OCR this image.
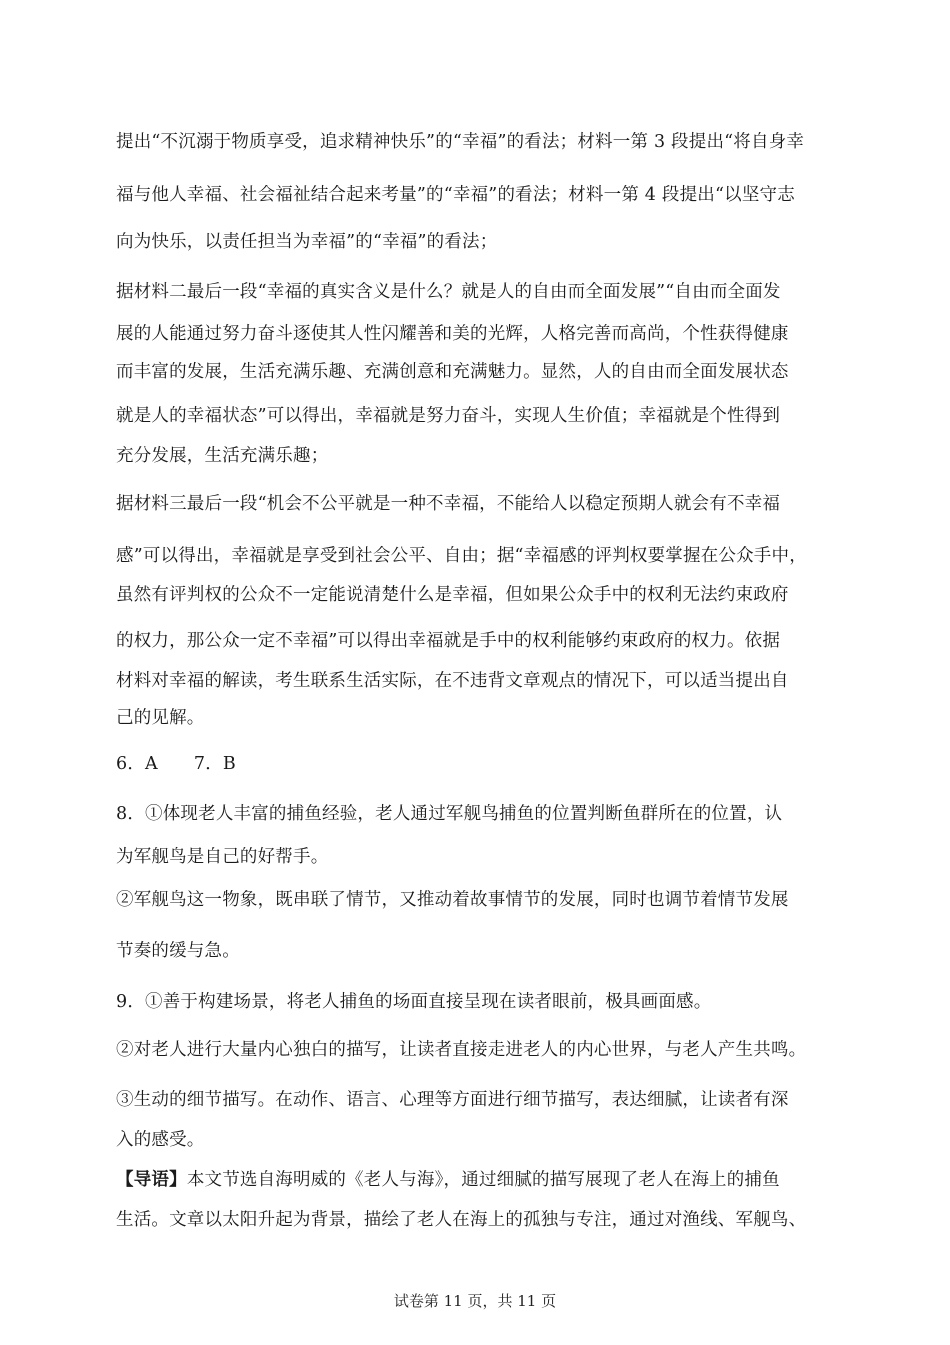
提出“不沉溺于物质享受，追求精神快乐”的“幸福”的看法；材料一第 3 段提出“将自身幸
福与他人幸福、社会福祉结合起来考量”的“幸福”的看法；材料一第 4 段提出“以坚守志
向为快乐，以责任担当为幸福”的“幸福”的看法；
据材料二最后一段“幸福的真实含义是什么？就是人的自由而全面发展”“自由而全面发
展的人能通过努力奋斗逐使其人性闪耀善和美的光辉，人格完善而高尚，个性获得健康
而丰富的发展，生活充满乐趣、充满创意和充满魅力。显然，人的自由而全面发展状态
就是人的幸福状态”可以得出，幸福就是努力奋斗，实现人生价值；幸福就是个性得到
充分发展，生活充满乐趣；
据材料三最后一段“机会不公平就是一种不幸福，不能给人以稳定预期人就会有不幸福
感”可以得出，幸福就是享受到社会公平、自由；据“幸福感的评判权要掌握在公众手中，
虽然有评判权的公众不一定能说清楚什么是幸福，但如果公众手中的权利无法约束政府
的权力，那公众一定不幸福”可以得出幸福就是手中的权利能够约束政府的权力。依据
材料对幸福的解读，考生联系生活实际，在不违背文章观点的情况下，可以适当提出自
己的见解。
6．A 7．B
8．①体现老人丰富的捕鱼经验，老人通过军舰鸟捕鱼的位置判断鱼群所在的位置，认
为军舰鸟是自己的好帮手。
②军舰鸟这一物象，既串联了情节，又推动着故事情节的发展，同时也调节着情节发展
节奏的缓与急。
9．①善于构建场景，将老人捕鱼的场面直接呈现在读者眼前，极具画面感。
②对老人进行大量内心独白的描写，让读者直接走进老人的内心世界，与老人产生共鸣。
③生动的细节描写。在动作、语言、心理等方面进行细节描写，表达细腻，让读者有深
入的感受。
【导语】本文节选自海明威的《老人与海》，通过细腻的描写展现了老人在海上的捕鱼
生活。文章以太阳升起为背景，描绘了老人在海上的孤独与专注，通过对渔线、军舰鸟、
试卷第 11 页，共 11 页
